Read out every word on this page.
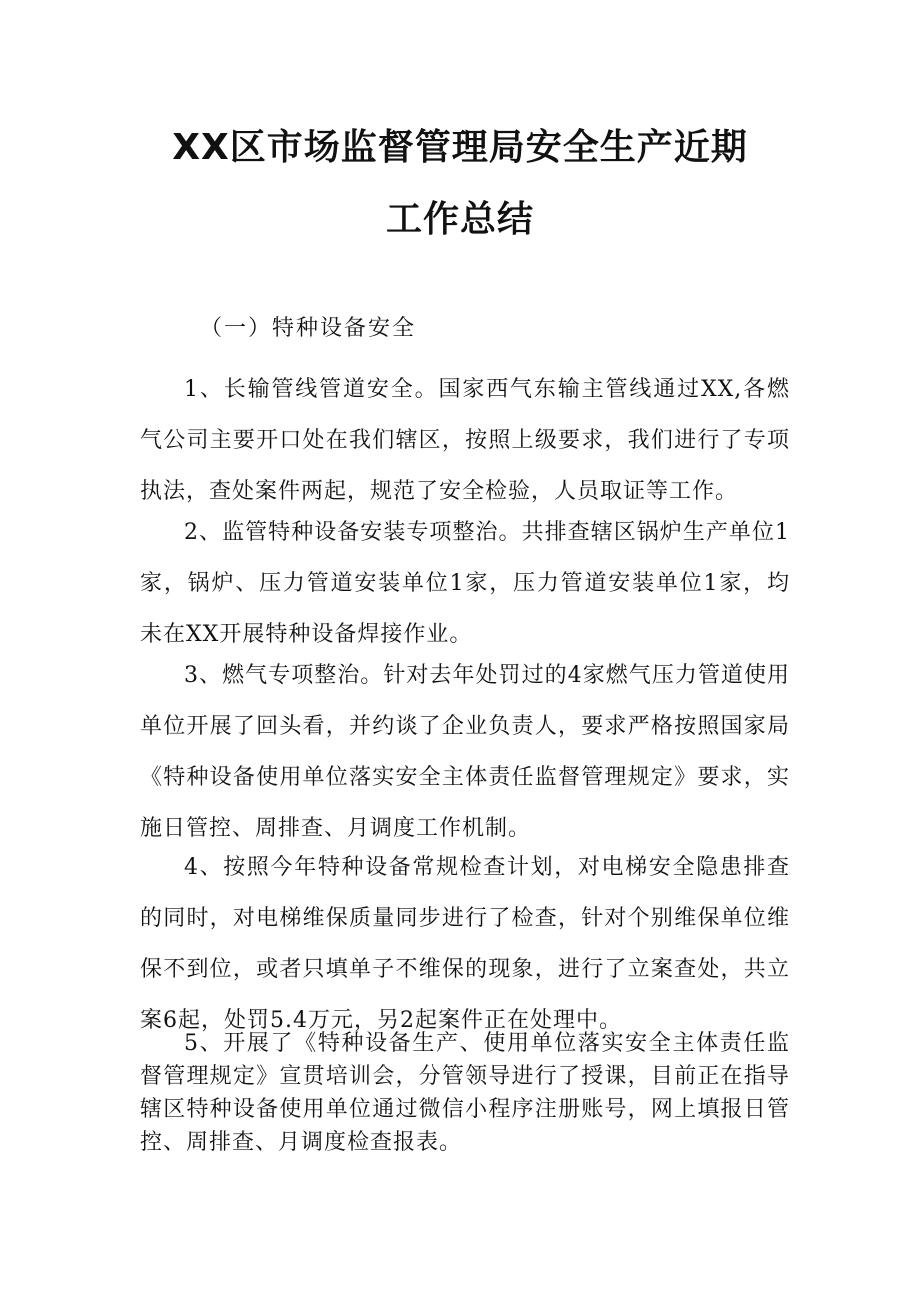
XX区市场监督管理局安全生产近期
工作总结
（一）特种设备安全

1、长输管线管道安全。国家西气东输主管线通过XX,各燃气公司主要开口处在我们辖区，按照上级要求，我们进行了专项执法，查处案件两起，规范了安全检验，人员取证等工作。

2、监管特种设备安装专项整治。共排查辖区锅炉生产单位1家，锅炉、压力管道安装单位1家，压力管道安装单位1家，均未在XX开展特种设备焊接作业。

3、燃气专项整治。针对去年处罚过的4家燃气压力管道使用单位开展了回头看，并约谈了企业负责人，要求严格按照国家局《特种设备使用单位落实安全主体责任监督管理规定》要求，实施日管控、周排查、月调度工作机制。

4、按照今年特种设备常规检查计划，对电梯安全隐患排查的同时，对电梯维保质量同步进行了检查，针对个别维保单位维保不到位，或者只填单子不维保的现象，进行了立案查处，共立案6起，处罚5.4万元，另2起案件正在处理中。

5、开展了《特种设备生产、使用单位落实安全主体责任监督管理规定》宣贯培训会，分管领导进行了授课，目前正在指导辖区特种设备使用单位通过微信小程序注册账号，网上填报日管控、周排查、月调度检查报表。
